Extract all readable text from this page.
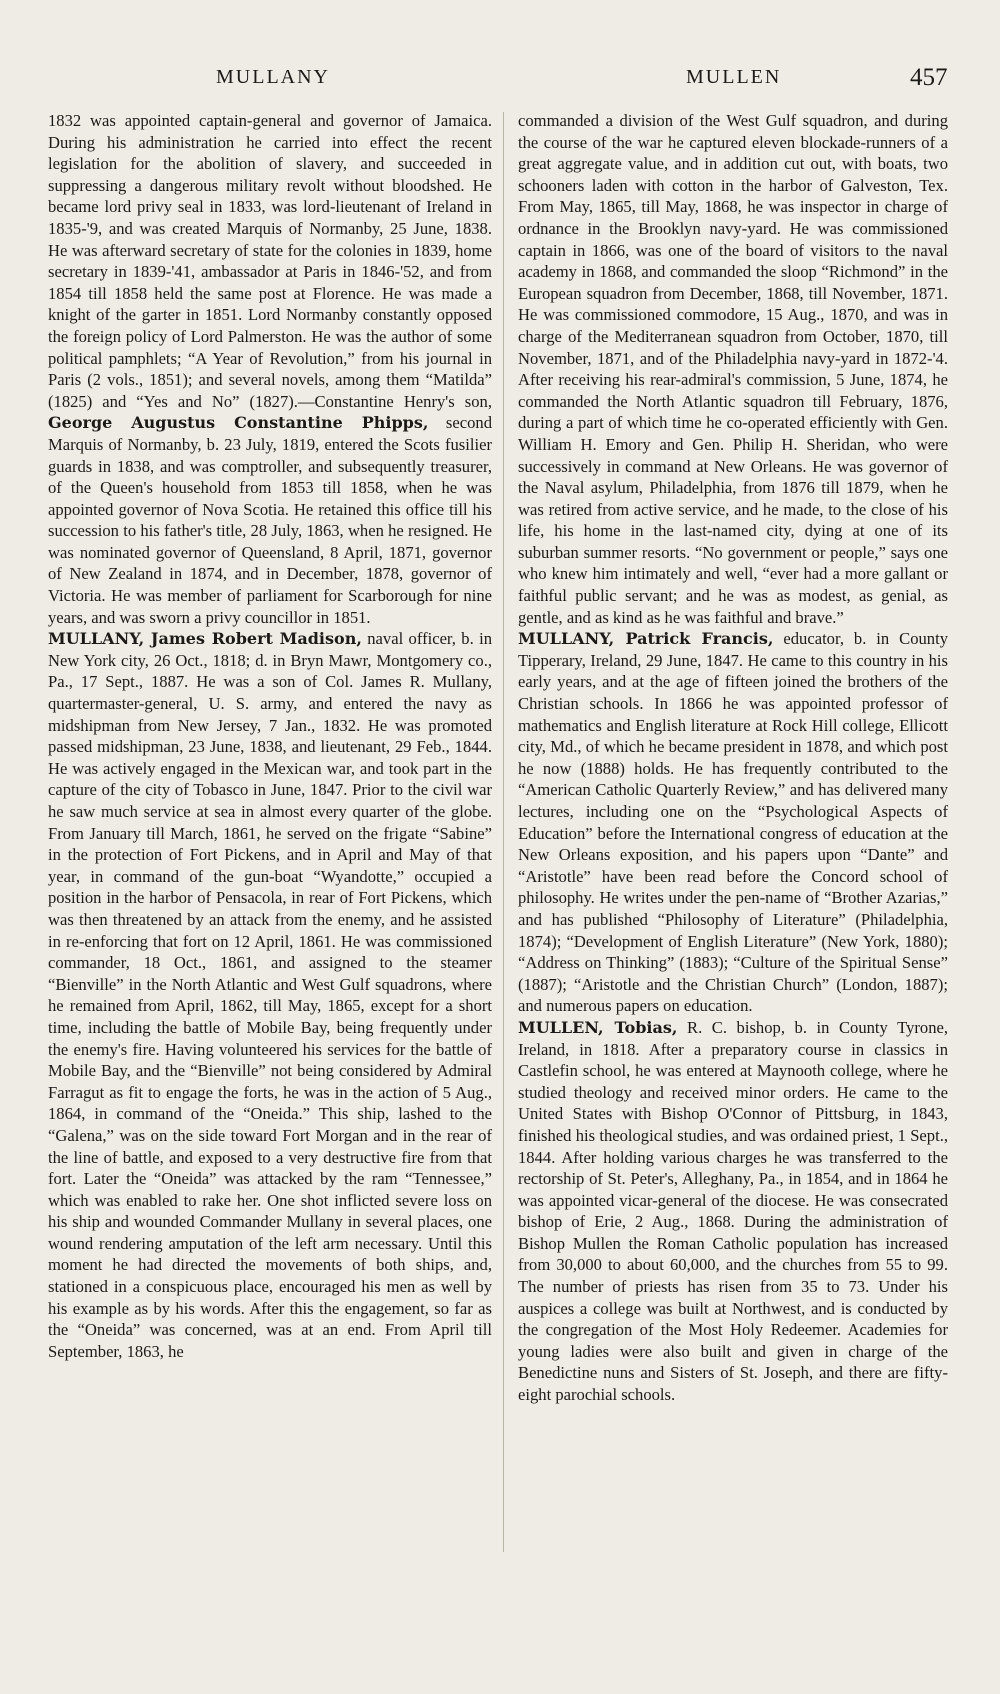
MULLANY	MULLEN	457

1832 was appointed captain-general and governor of Jamaica. During his administration he carried into effect the recent legislation for the abolition of slavery, and succeeded in suppressing a dangerous military revolt without bloodshed. He became lord privy seal in 1833, was lord-lieutenant of Ireland in 1835-'9, and was created Marquis of Normanby, 25 June, 1838. He was afterward secretary of state for the colonies in 1839, home secretary in 1839-'41, ambassador at Paris in 1846-'52, and from 1854 till 1858 held the same post at Florence. He was made a knight of the garter in 1851. Lord Normanby constantly opposed the foreign policy of Lord Palmerston. He was the author of some political pamphlets; “A Year of Revolution,” from his journal in Paris (2 vols., 1851); and several novels, among them “Matilda” (1825) and “Yes and No” (1827).—Constantine Henry's son, George Augustus Constantine Phipps, second Marquis of Normanby, b. 23 July, 1819, entered the Scots fusilier guards in 1838, and was comptroller, and subsequently treasurer, of the Queen's household from 1853 till 1858, when he was appointed governor of Nova Scotia. He retained this office till his succession to his father's title, 28 July, 1863, when he resigned. He was nominated governor of Queensland, 8 April, 1871, governor of New Zealand in 1874, and in December, 1878, governor of Victoria. He was member of parliament for Scarborough for nine years, and was sworn a privy councillor in 1851.

MULLANY, James Robert Madison, naval officer, b. in New York city, 26 Oct., 1818; d. in Bryn Mawr, Montgomery co., Pa., 17 Sept., 1887. He was a son of Col. James R. Mullany, quartermaster-general, U. S. army, and entered the navy as midshipman from New Jersey, 7 Jan., 1832. He was promoted passed midshipman, 23 June, 1838, and lieutenant, 29 Feb., 1844. He was actively engaged in the Mexican war, and took part in the capture of the city of Tobasco in June, 1847. Prior to the civil war he saw much service at sea in almost every quarter of the globe. From January till March, 1861, he served on the frigate “Sabine” in the protection of Fort Pickens, and in April and May of that year, in command of the gun-boat “Wyandotte,” occupied a position in the harbor of Pensacola, in rear of Fort Pickens, which was then threatened by an attack from the enemy, and he assisted in re-enforcing that fort on 12 April, 1861. He was commissioned commander, 18 Oct., 1861, and assigned to the steamer “Bienville” in the North Atlantic and West Gulf squadrons, where he remained from April, 1862, till May, 1865, except for a short time, including the battle of Mobile Bay, being frequently under the enemy's fire. Having volunteered his services for the battle of Mobile Bay, and the “Bienville” not being considered by Admiral Farragut as fit to engage the forts, he was in the action of 5 Aug., 1864, in command of the “Oneida.” This ship, lashed to the “Galena,” was on the side toward Fort Morgan and in the rear of the line of battle, and exposed to a very destructive fire from that fort. Later the “Oneida” was attacked by the ram “Tennessee,” which was enabled to rake her. One shot inflicted severe loss on his ship and wounded Commander Mullany in several places, one wound rendering amputation of the left arm necessary. Until this moment he had directed the movements of both ships, and, stationed in a conspicuous place, encouraged his men as well by his example as by his words. After this the engagement, so far as the “Oneida” was concerned, was at an end. From April till September, 1863, he

commanded a division of the West Gulf squadron, and during the course of the war he captured eleven blockade-runners of a great aggregate value, and in addition cut out, with boats, two schooners laden with cotton in the harbor of Galveston, Tex. From May, 1865, till May, 1868, he was inspector in charge of ordnance in the Brooklyn navy-yard. He was commissioned captain in 1866, was one of the board of visitors to the naval academy in 1868, and commanded the sloop “Richmond” in the European squadron from December, 1868, till November, 1871. He was commissioned commodore, 15 Aug., 1870, and was in charge of the Mediterranean squadron from October, 1870, till November, 1871, and of the Philadelphia navy-yard in 1872-'4. After receiving his rear-admiral's commission, 5 June, 1874, he commanded the North Atlantic squadron till February, 1876, during a part of which time he co-operated efficiently with Gen. William H. Emory and Gen. Philip H. Sheridan, who were successively in command at New Orleans. He was governor of the Naval asylum, Philadelphia, from 1876 till 1879, when he was retired from active service, and he made, to the close of his life, his home in the last-named city, dying at one of its suburban summer resorts. “No government or people,” says one who knew him intimately and well, “ever had a more gallant or faithful public servant; and he was as modest, as genial, as gentle, and as kind as he was faithful and brave.”

MULLANY, Patrick Francis, educator, b. in County Tipperary, Ireland, 29 June, 1847. He came to this country in his early years, and at the age of fifteen joined the brothers of the Christian schools. In 1866 he was appointed professor of mathematics and English literature at Rock Hill college, Ellicott city, Md., of which he became president in 1878, and which post he now (1888) holds. He has frequently contributed to the “American Catholic Quarterly Review,” and has delivered many lectures, including one on the “Psychological Aspects of Education” before the International congress of education at the New Orleans exposition, and his papers upon “Dante” and “Aristotle” have been read before the Concord school of philosophy. He writes under the pen-name of “Brother Azarias,” and has published “Philosophy of Literature” (Philadelphia, 1874); “Development of English Literature” (New York, 1880); “Address on Thinking” (1883); “Culture of the Spiritual Sense” (1887); “Aristotle and the Christian Church” (London, 1887); and numerous papers on education.

MULLEN, Tobias, R. C. bishop, b. in County Tyrone, Ireland, in 1818. After a preparatory course in classics in Castlefin school, he was entered at Maynooth college, where he studied theology and received minor orders. He came to the United States with Bishop O'Connor of Pittsburg, in 1843, finished his theological studies, and was ordained priest, 1 Sept., 1844. After holding various charges he was transferred to the rectorship of St. Peter's, Alleghany, Pa., in 1854, and in 1864 he was appointed vicar-general of the diocese. He was consecrated bishop of Erie, 2 Aug., 1868. During the administration of Bishop Mullen the Roman Catholic population has increased from 30,000 to about 60,000, and the churches from 55 to 99. The number of priests has risen from 35 to 73. Under his auspices a college was built at Northwest, and is conducted by the congregation of the Most Holy Redeemer. Academies for young ladies were also built and given in charge of the Benedictine nuns and Sisters of St. Joseph, and there are fifty-eight parochial schools.
